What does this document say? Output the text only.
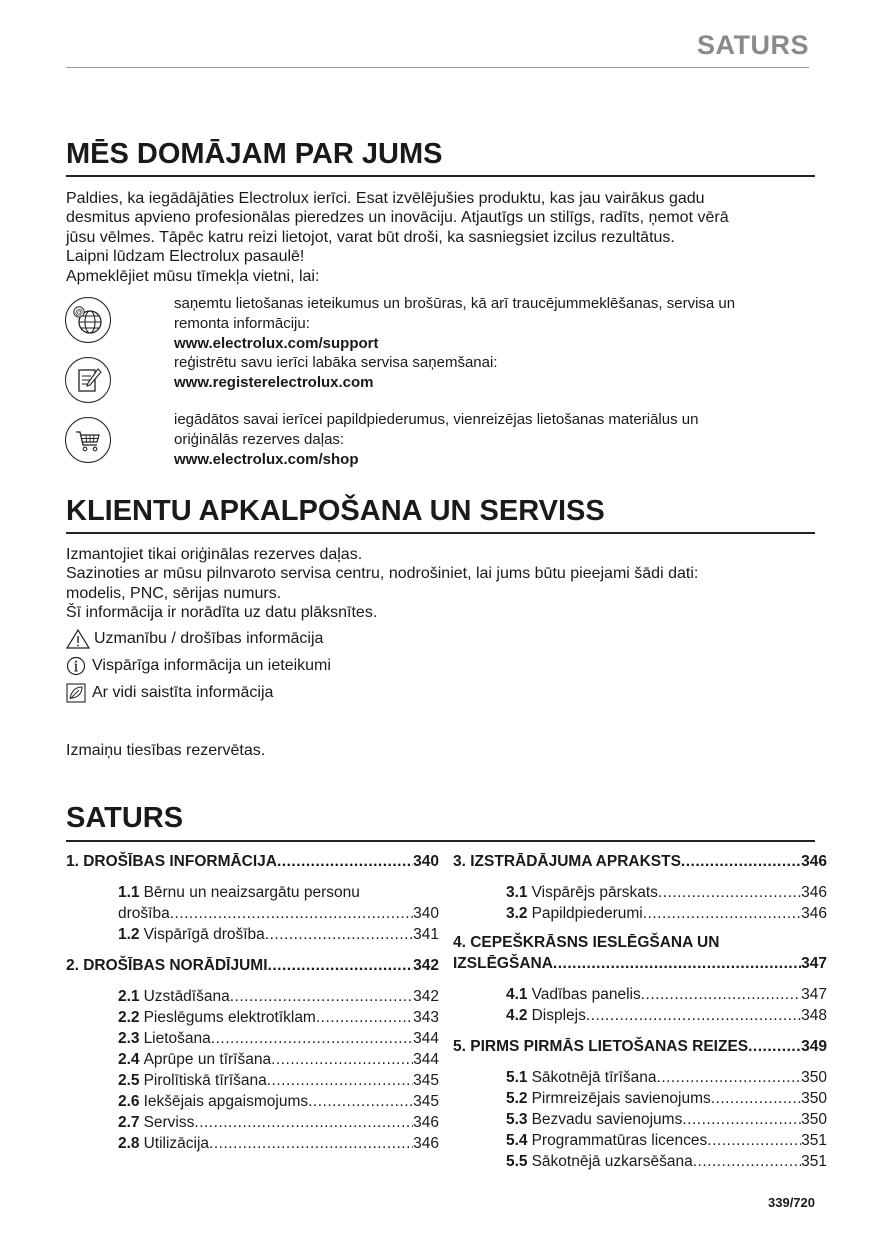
SATURS
MĒS DOMĀJAM PAR JUMS
Paldies, ka iegādājāties Electrolux ierīci. Esat izvēlējušies produktu, kas jau vairākus gadu
desmitus apvieno profesionālas pieredzes un inovāciju. Atjautīgs un stilīgs, radīts, ņemot vērā
jūsu vēlmes. Tāpēc katru reizi lietojot, varat būt droši, ka sasniegsiet izcilus rezultātus.
Laipni lūdzam Electrolux pasaulē!
Apmeklējiet mūsu tīmekļa vietni, lai:
@
saņemtu lietošanas ieteikumus un brošūras, kā arī traucējummeklēšanas, servisa un
remonta informāciju:
www.electrolux.com/support
reģistrētu savu ierīci labāka servisa saņemšanai:
www.registerelectrolux.com
iegādātos savai ierīcei papildpiederumus, vienreizējas lietošanas materiālus un
oriģinālās rezerves daļas:
www.electrolux.com/shop
KLIENTU APKALPOŠANA UN SERVISS
Izmantojiet tikai oriģinālas rezerves daļas.
Sazinoties ar mūsu pilnvaroto servisa centru, nodrošiniet, lai jums būtu pieejami šādi dati:
modelis, PNC, sērijas numurs.
Šī informācija ir norādīta uz datu plāksnītes.
Uzmanību / drošības informācija
Vispārīga informācija un ieteikumi
Ar vidi saistīta informācija
Izmaiņu tiesības rezervētas.
SATURS
1. DROŠĪBAS INFORMĀCIJA .....	340
1.1 Bērnu un neaizsargātu personu
drošība .....	340
1.2 Vispārīgā drošība .....	341
2. DROŠĪBAS NORĀDĪJUMI .....	342
2.1 Uzstādīšana .....	342
2.2 Pieslēgums elektrotīklam .....	343
2.3 Lietošana .....	344
2.4 Aprūpe un tīrīšana .....	344
2.5 Pirolītiskā tīrīšana .....	345
2.6 Iekšējais apgaismojums .....	345
2.7 Serviss .....	346
2.8 Utilizācija .....	346
3. IZSTRĀDĀJUMA APRAKSTS .....	346
3.1 Vispārējs pārskats .....	346
3.2 Papildpiederumi .....	346
4. CEPEŠKRĀSNS IESLĒGŠANA UN
IZSLĒGŠANA .....	347
4.1 Vadības panelis .....	347
4.2 Displejs .....	348
5. PIRMS PIRMĀS LIETOŠANAS REIZES .....	349
5.1 Sākotnējā tīrīšana .....	350
5.2 Pirmreizējais savienojums .....	350
5.3 Bezvadu savienojums .....	350
5.4 Programmatūras licences .....	351
5.5 Sākotnējā uzkarsēšana .....	351
339/720
